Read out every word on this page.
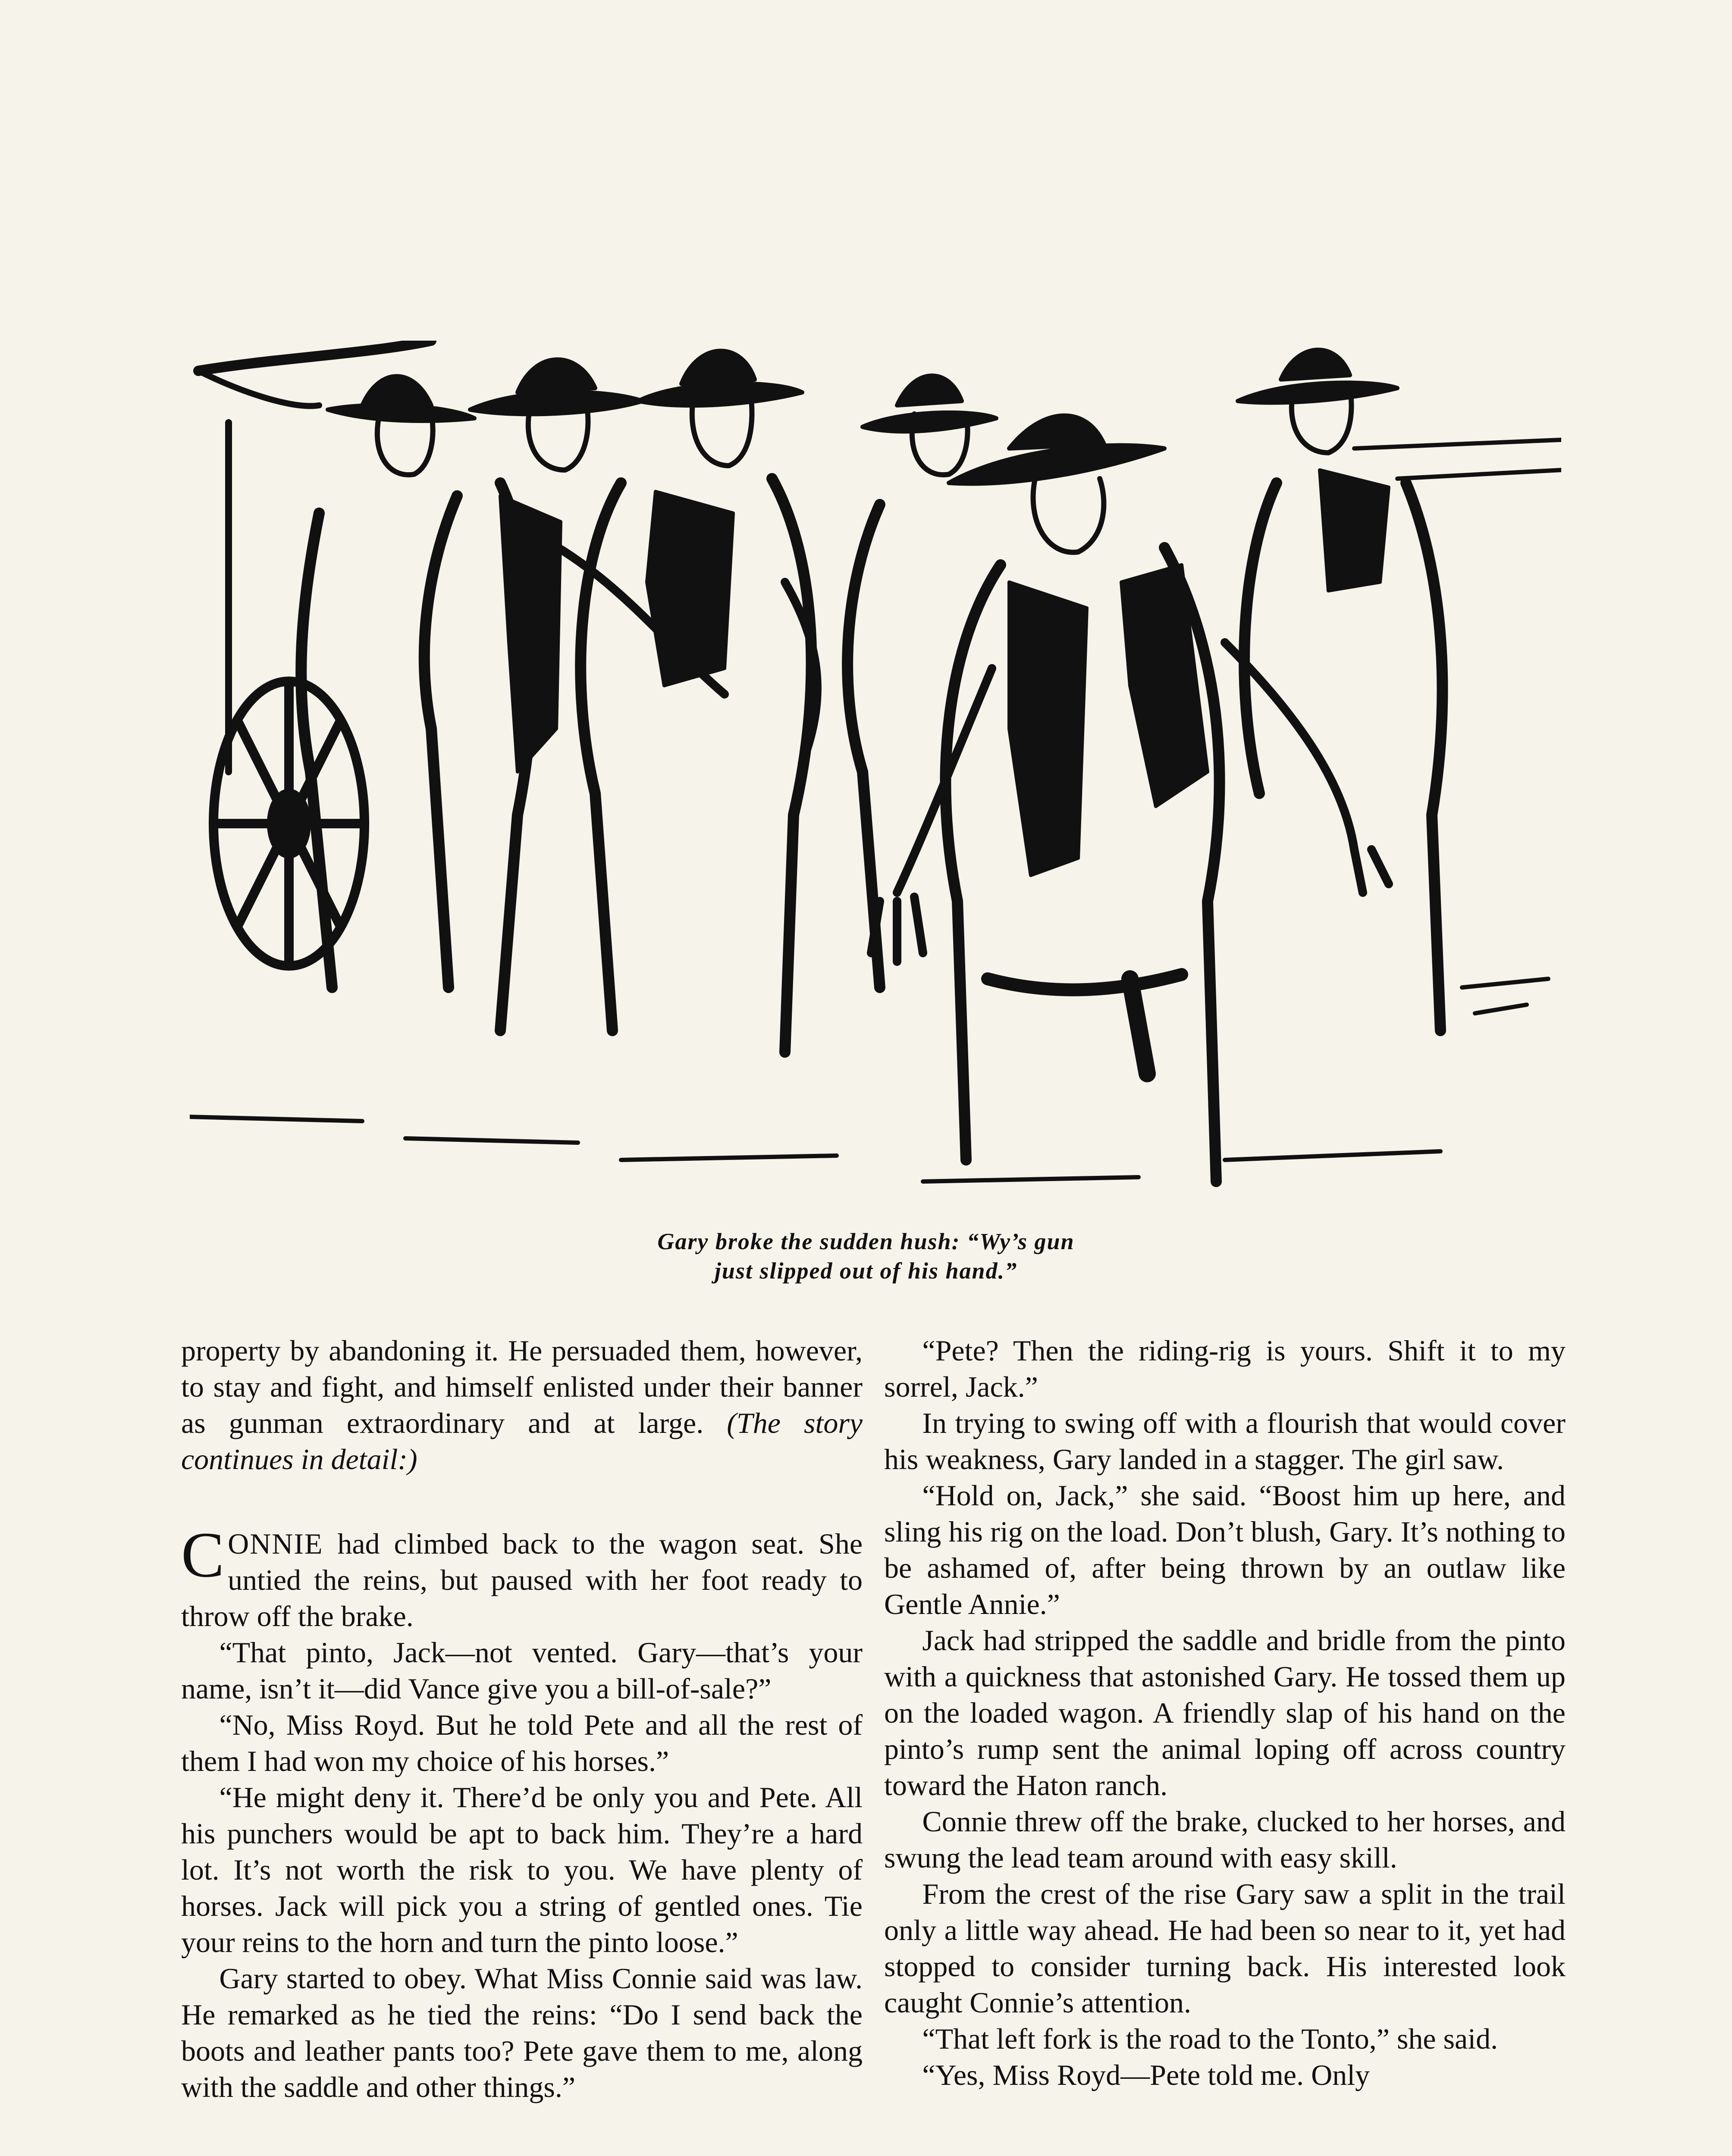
Gary broke the sudden hush: “Wy’s gun
just slipped out of his hand.”

property by abandoning it. He persuaded them, however, to stay and fight, and himself enlisted under their banner as gunman extraordinary and at large. (The story continues in detail:)

CONNIE had climbed back to the wagon seat. She untied the reins, but paused with her foot ready to throw off the brake.

“That pinto, Jack—not vented. Gary—that’s your name, isn’t it—did Vance give you a bill-of-sale?”

“No, Miss Royd. But he told Pete and all the rest of them I had won my choice of his horses.”

“He might deny it. There’d be only you and Pete. All his punchers would be apt to back him. They’re a hard lot. It’s not worth the risk to you. We have plenty of horses. Jack will pick you a string of gentled ones. Tie your reins to the horn and turn the pinto loose.”

Gary started to obey. What Miss Connie said was law. He remarked as he tied the reins: “Do I send back the boots and leather pants too? Pete gave them to me, along with the saddle and other things.”

“Pete? Then the riding-rig is yours. Shift it to my sorrel, Jack.”

In trying to swing off with a flourish that would cover his weakness, Gary landed in a stagger. The girl saw.

“Hold on, Jack,” she said. “Boost him up here, and sling his rig on the load. Don’t blush, Gary. It’s nothing to be ashamed of, after being thrown by an outlaw like Gentle Annie.”

Jack had stripped the saddle and bridle from the pinto with a quickness that astonished Gary. He tossed them up on the loaded wagon. A friendly slap of his hand on the pinto’s rump sent the animal loping off across country toward the Haton ranch.

Connie threw off the brake, clucked to her horses, and swung the lead team around with easy skill.

From the crest of the rise Gary saw a split in the trail only a little way ahead. He had been so near to it, yet had stopped to consider turning back. His interested look caught Connie’s attention.

“That left fork is the road to the Tonto,” she said.

“Yes, Miss Royd—Pete told me. Only
